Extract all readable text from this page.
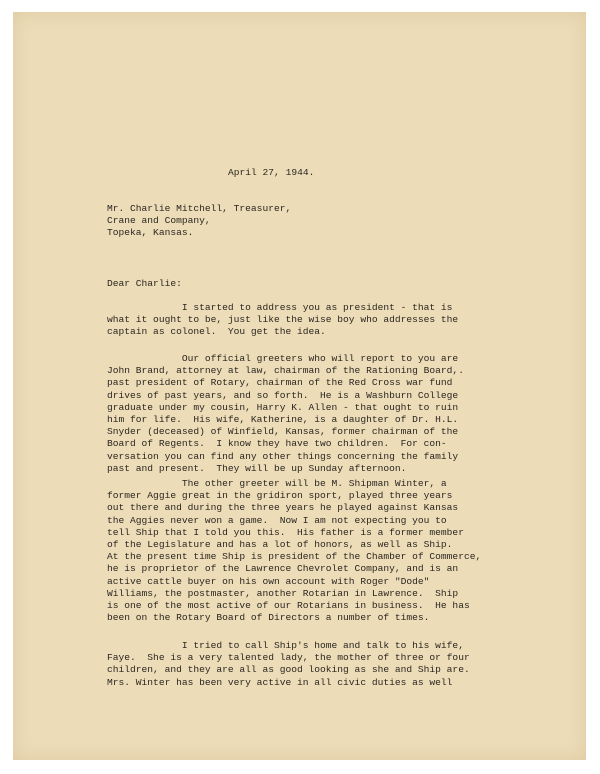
April 27, 1944.
Mr. Charlie Mitchell, Treasurer,
Crane and Company,
Topeka, Kansas.
Dear Charlie:
I started to address you as president - that is
what it ought to be, just like the wise boy who addresses the
captain as colonel.  You get the idea.
Our official greeters who will report to you are
John Brand, attorney at law, chairman of the Rationing Board,.
past president of Rotary, chairman of the Red Cross war fund
drives of past years, and so forth.  He is a Washburn College
graduate under my cousin, Harry K. Allen - that ought to ruin
him for life.  His wife, Katherine, is a daughter of Dr. H.L.
Snyder (deceased) of Winfield, Kansas, former chairman of the
Board of Regents.  I know they have two children.  For con-
versation you can find any other things concerning the family
past and present.  They will be up Sunday afternoon.
The other greeter will be M. Shipman Winter, a
former Aggie great in the gridiron sport, played three years
out there and during the three years he played against Kansas
the Aggies never won a game.  Now I am not expecting you to
tell Ship that I told you this.  His father is a former member
of the Legislature and has a lot of honors, as well as Ship.
At the present time Ship is president of the Chamber of Commerce,
he is proprietor of the Lawrence Chevrolet Company, and is an
active cattle buyer on his own account with Roger "Dode"
Williams, the postmaster, another Rotarian in Lawrence.  Ship
is one of the most active of our Rotarians in business.  He has
been on the Rotary Board of Directors a number of times.
I tried to call Ship's home and talk to his wife,
Faye.  She is a very talented lady, the mother of three or four
children, and they are all as good looking as she and Ship are.
Mrs. Winter has been very active in all civic duties as well
